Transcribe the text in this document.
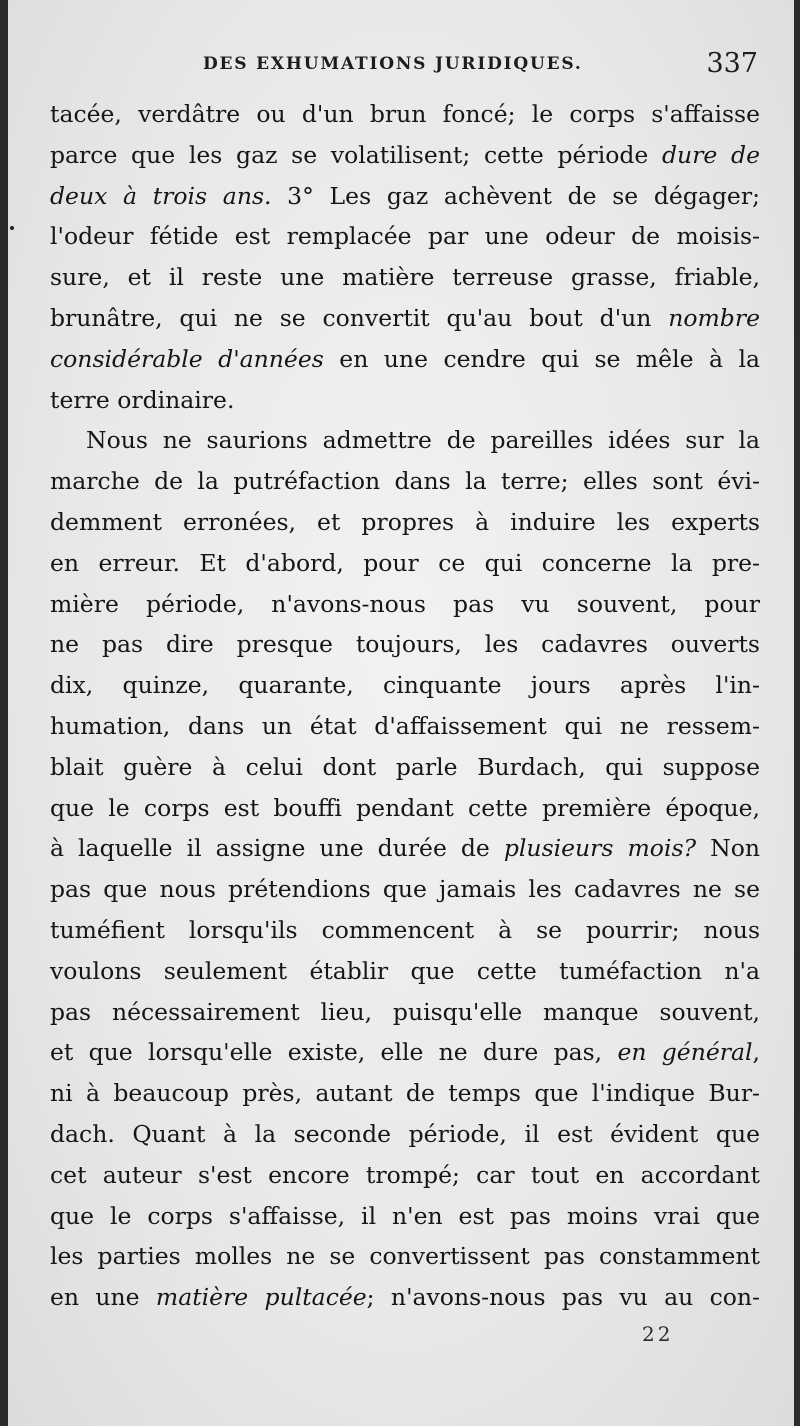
DES EXHUMATIONS JURIDIQUES.	337
tacée, verdâtre ou d'un brun foncé; le corps s'affaisse
parce que les gaz se volatilisent; cette période dure de
deux à trois ans. 3° Les gaz achèvent de se dégager;
l'odeur fétide est remplacée par une odeur de moisis-
sure, et il reste une matière terreuse grasse, friable,
brunâtre, qui ne se convertit qu'au bout d'un nombre
considérable d'années en une cendre qui se mêle à la
terre ordinaire.
Nous ne saurions admettre de pareilles idées sur la
marche de la putréfaction dans la terre; elles sont évi-
demment erronées, et propres à induire les experts
en erreur. Et d'abord, pour ce qui concerne la pre-
mière période, n'avons-nous pas vu souvent, pour
ne pas dire presque toujours, les cadavres ouverts
dix, quinze, quarante, cinquante jours après l'in-
humation, dans un état d'affaissement qui ne ressem-
blait guère à celui dont parle Burdach, qui suppose
que le corps est bouffi pendant cette première époque,
à laquelle il assigne une durée de plusieurs mois? Non
pas que nous prétendions que jamais les cadavres ne se
tuméfient lorsqu'ils commencent à se pourrir; nous
voulons seulement établir que cette tuméfaction n'a
pas nécessairement lieu, puisqu'elle manque souvent,
et que lorsqu'elle existe, elle ne dure pas, en général,
ni à beaucoup près, autant de temps que l'indique Bur-
dach. Quant à la seconde période, il est évident que
cet auteur s'est encore trompé; car tout en accordant
que le corps s'affaisse, il n'en est pas moins vrai que
les parties molles ne se convertissent pas constamment
en une matière pultacée; n'avons-nous pas vu au con-
22
